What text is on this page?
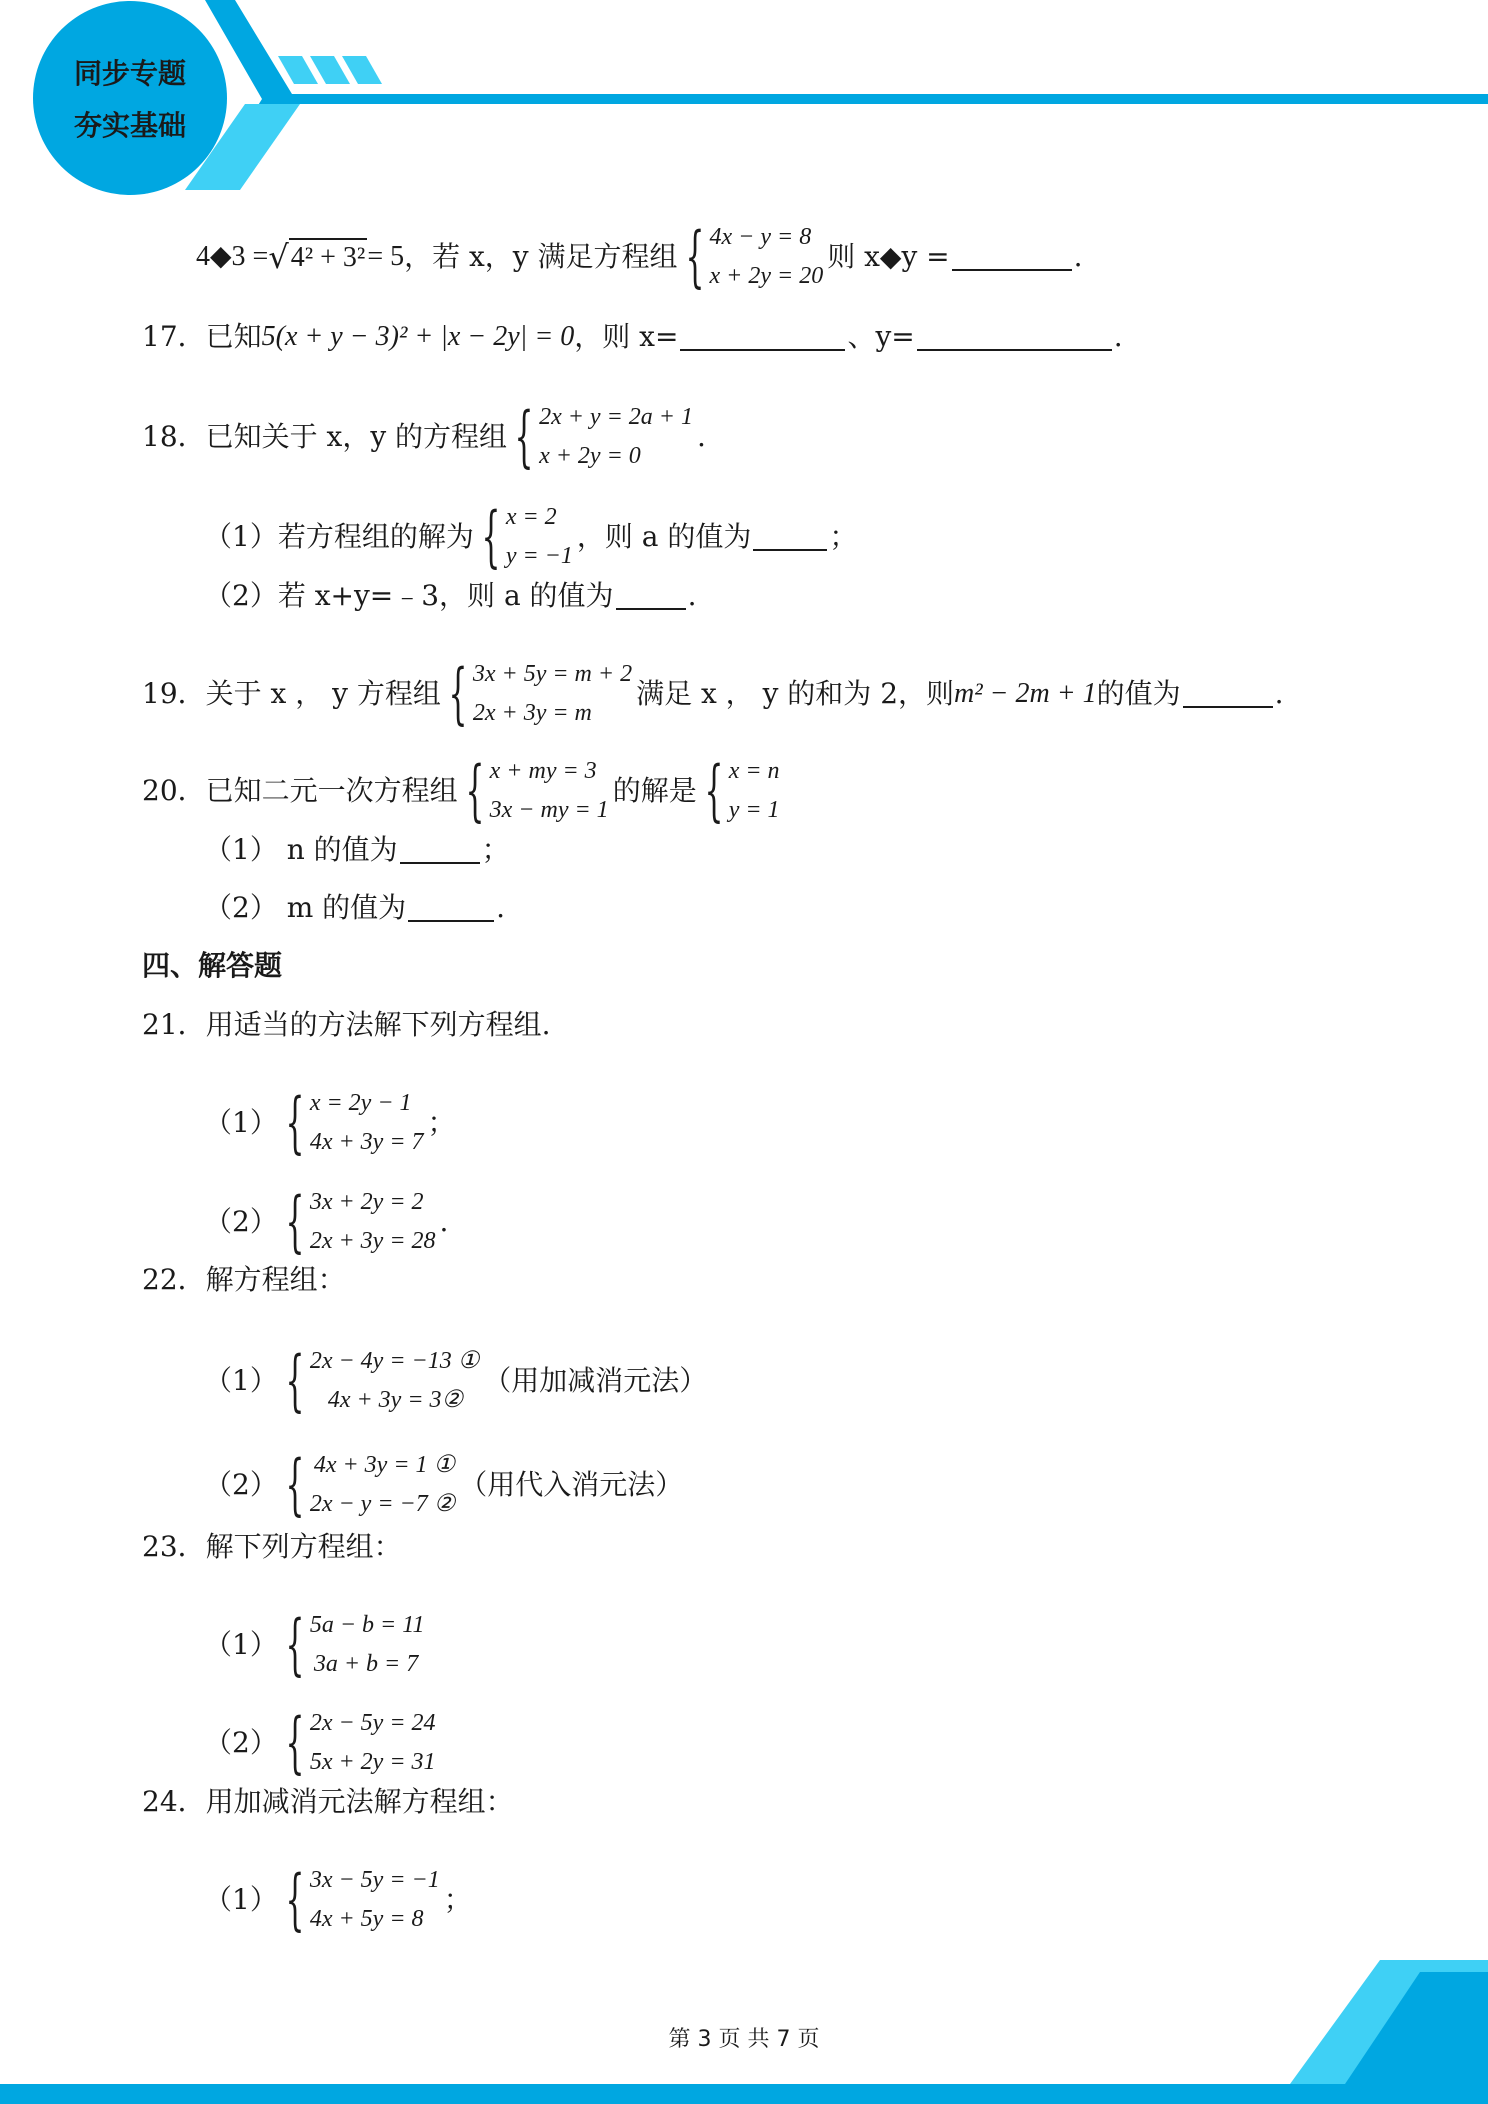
同步专题
夯实基础
4◆3 = √ 4² + 3² = 5 ，若 x，y 满足方程组 { 4x − y = 8
x + 2y = 20
则 x◆y =	.
17． 已知 5(x + y − 3)² + |x − 2y| = 0 ，则 x=	、y=	.
18． 已知关于 x，y 的方程组 { 2x + y = 2a + 1
x + 2y = 0
.
（1）若方程组的解为 { x = 2
y = −1
，则 a 的值为	；
（2）若 x+y=﹣3，则 a 的值为	.
19． 关于 x ， y 方程组 { 3x + 5y = m + 2
2x + 3y = m
满足 x ， y 的和为 2，则 m² − 2m + 1 的值为	.
20． 已知二元一次方程组 { x + my = 3
3x − my = 1
的解是 { x = n
y = 1
（1） n 的值为	；
（2） m 的值为	.
四、解答题
21． 用适当的方法解下列方程组.
（1） { x = 2y − 1
4x + 3y = 7
；
（2） { 3x + 2y = 2
2x + 3y = 28
.
22． 解方程组：
（1） { 2x − 4y = −13 ①
4x + 3y = 3②
（用加减消元法）
（2） { 4x + 3y = 1 ①
2x − y = −7 ②
（用代入消元法）
23． 解下列方程组：
（1） { 5a − b = 11
3a + b = 7
（2） { 2x − 5y = 24
5x + 2y = 31
24． 用加减消元法解方程组：
（1） { 3x − 5y = −1
4x + 5y = 8
；
第 3 页 共 7 页
